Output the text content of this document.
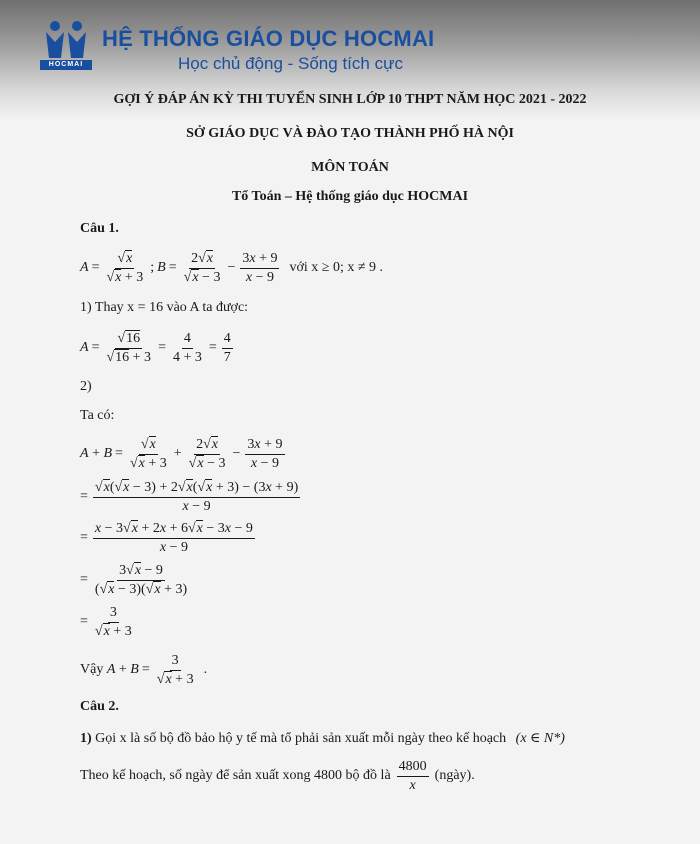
HOCMAI
HỆ THỐNG GIÁO DỤC HOCMAI
Học chủ động - Sống tích cực
GỢI Ý ĐÁP ÁN KỲ THI TUYỂN SINH LỚP 10 THPT NĂM HỌC 2021 - 2022
SỞ GIÁO DỤC VÀ ĐÀO TẠO THÀNH PHỐ HÀ NỘI
MÔN TOÁN
Tổ Toán – Hệ thống giáo dục HOCMAI
Câu 1.
$A = \frac{√x}{√x + 3}$ ; $B = \frac{2√x}{√x - 3} - \frac{3x + 9}{x - 9}$ với x ≥ 0; x ≠ 9 .
1) Thay x = 16 vào A ta được:
$A = \frac{√16}{√16 + 3} = \frac{4}{4 + 3} = \frac{4}{7}$
2)
Ta có:
$A + B = \frac{√x}{√x + 3} + \frac{2√x}{√x - 3} - \frac{3x + 9}{x - 9}$
= $\frac{√x(√x - 3) + 2√x(√x + 3) - (3x + 9)}{x - 9}$
= $\frac{x - 3√x + 2x + 6√x - 3x - 9}{x - 9}$
= $\frac{3√x - 9}{(√x - 3)(√x + 3)}$
= $\frac{3}{√x + 3}$
Vậy
$A + B = \frac{3}{√x + 3}$ .
Câu 2.
1) Gọi x là số bộ đồ bảo hộ y tế mà tổ phải sản xuất mỗi ngày theo kế hoạch (x ∈ N*)
Theo kế hoạch, số ngày để sản xuất xong 4800 bộ đồ là $\frac{4800}{x}$ (ngày).
